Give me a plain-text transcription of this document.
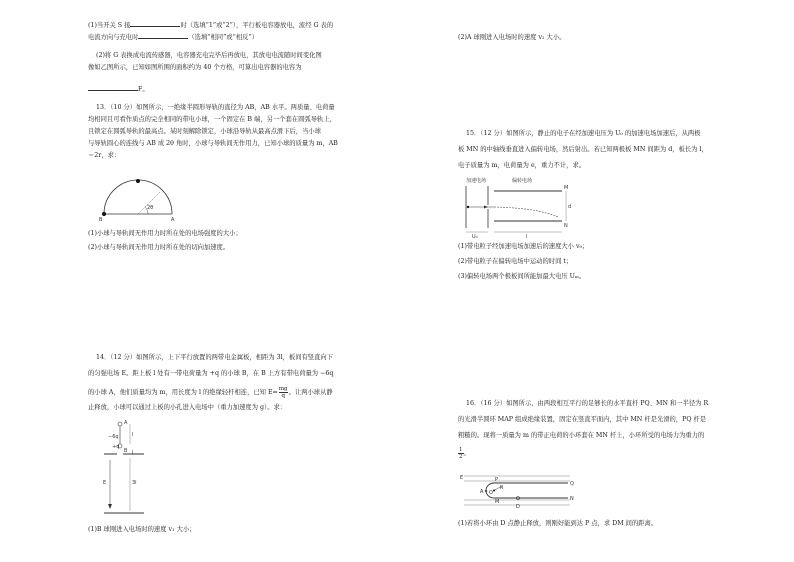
(1)当开关 S 接	时（选填“1”或“2”），平行板电容器放电，流经 G 表的
电流方向与充电时	（选填“相同”或“相反”）
(2)将 G 表换成电流传感器，电容器充电完毕后再放电，其放电电流随时间变化图
像如乙图所示，已知如图所围的面积约为 40 个方格，可算出电容器的电容为
F。
13．（10 分）如图所示，一绝缘半圆形导轨的直径为 AB，AB 水平。两质量、电荷量
均相同且可看作质点的完全相同的带电小球，一个固定在 B 端，另一个套在圆弧导轨上，
且锁定在圆弧导轨的最高点。某时刻解除锁定，小球沿导轨从最高点滑下后，当小球
与导轨圆心的连线与 AB 成 2θ 角时，小球与导轨间无作用力，已知小球的质量为 m，AB
＝2r，求：
B	A
2θ
(1)小球与导轨间无作用力时所在处的电场强度的大小；
(2)小球与导轨间无作用力时所在处的切向加速度。
14．（12 分）如图所示，上下平行放置的两带电金属板，相距为 3l，板间有竖直向下
的匀强电场 E。距上板 l 处有一带电荷量为 +q 的小球 B，在 B 上方有带电荷量为 −6q
的小球 A，他们质量均为 m，用长度为 l 的绝缘轻杆相连，已知 $E= \frac{mg}{q}$ 。让两小球从静
止释放，小球可以通过上板的小孔进入电场中（重力加速度为 g）。求：
A
−6q
+q
B
l
l
E	3l
(1)B 球刚进入电场时的速度 v₁ 大小；
(2)A 球刚进入电场时的速度 v₂ 大小。
15．（12 分）如图所示，静止的电子在经加速电压为 U₀ 的加速电场加速后，从两极
板 MN 的中轴线垂直进入偏转电场，然后射出。若已知两极板 MN 间距为 d，板长为 l，
电子质量为 m，电荷量为 e，重力不计，求。
加速电场	偏转电场
M
N
d
l
U₀
(1)带电粒子经加速电场加速后的速度大小 v₀；
(2)带电粒子在偏转电场中运动的时间 t；
(3)偏转电场两个极板间所能加最大电压 Uₘ。
16．（16 分）如图所示，由两段相互平行的足够长的水平直杆 PQ、MN 和一半径为 R
的光滑半圆环 MAP 组成绝缘装置，固定在竖直平面内，其中 MN 杆是光滑的，PQ 杆是
粗糙的。现将一质量为 m 的带正电荷的小环套在 MN 杆上，小环所受的电场力为重力的
$\frac{1}{2}$ 。
E	P
Q
A O
M	N
D
R
(1)若将小环由 D 点静止释放，则刚好能到达 P 点，求 DM 间的距离。
